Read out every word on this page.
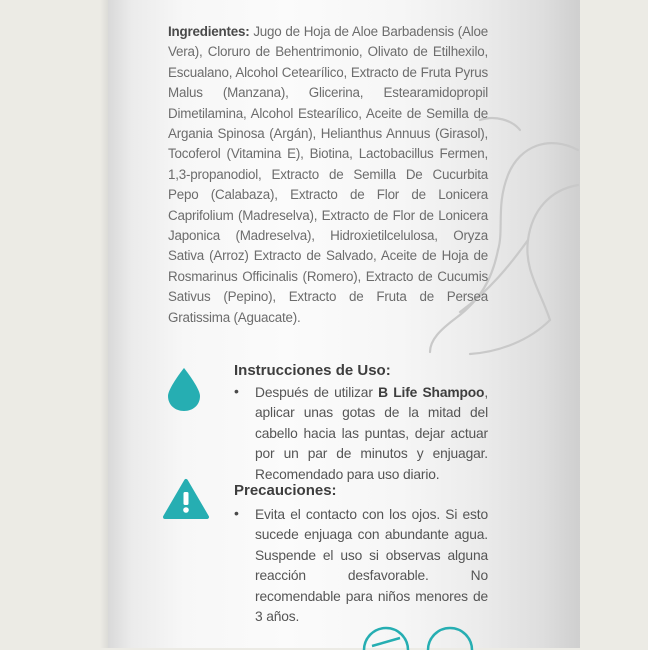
Ingredientes: Jugo de Hoja de Aloe Barbadensis (Aloe Vera), Cloruro de Behentrimonio, Olivato de Etilhexilo, Escualano, Alcohol Cetearílico, Extracto de Fruta Pyrus Malus (Manzana), Glicerina, Estearamidopropil Dimetilamina, Alcohol Estearílico, Aceite de Semilla de Argania Spinosa (Argán), Helianthus Annuus (Girasol), Tocoferol (Vitamina E), Biotina, Lactobacillus Fermen, 1,3-propanodiol, Extracto de Semilla De Cucurbita Pepo (Calabaza), Extracto de Flor de Lonicera Caprifolium (Madreselva), Extracto de Flor de Lonicera Japonica (Madreselva), Hidroxietilcelulosa, Oryza Sativa (Arroz) Extracto de Salvado, Aceite de Hoja de Rosmarinus Officinalis (Romero), Extracto de Cucumis Sativus (Pepino), Extracto de Fruta de Persea Gratissima (Aguacate).
Instrucciones de Uso:
• Después de utilizar B Life Shampoo, aplicar unas gotas de la mitad del cabello hacia las puntas, dejar actuar por un par de minutos y enjuagar. Recomendado para uso diario.
Precauciones:
• Evita el contacto con los ojos. Si esto sucede enjuaga con abundante agua. Suspende el uso si observas alguna reacción desfavorable. No recomendable para niños menores de 3 años.
